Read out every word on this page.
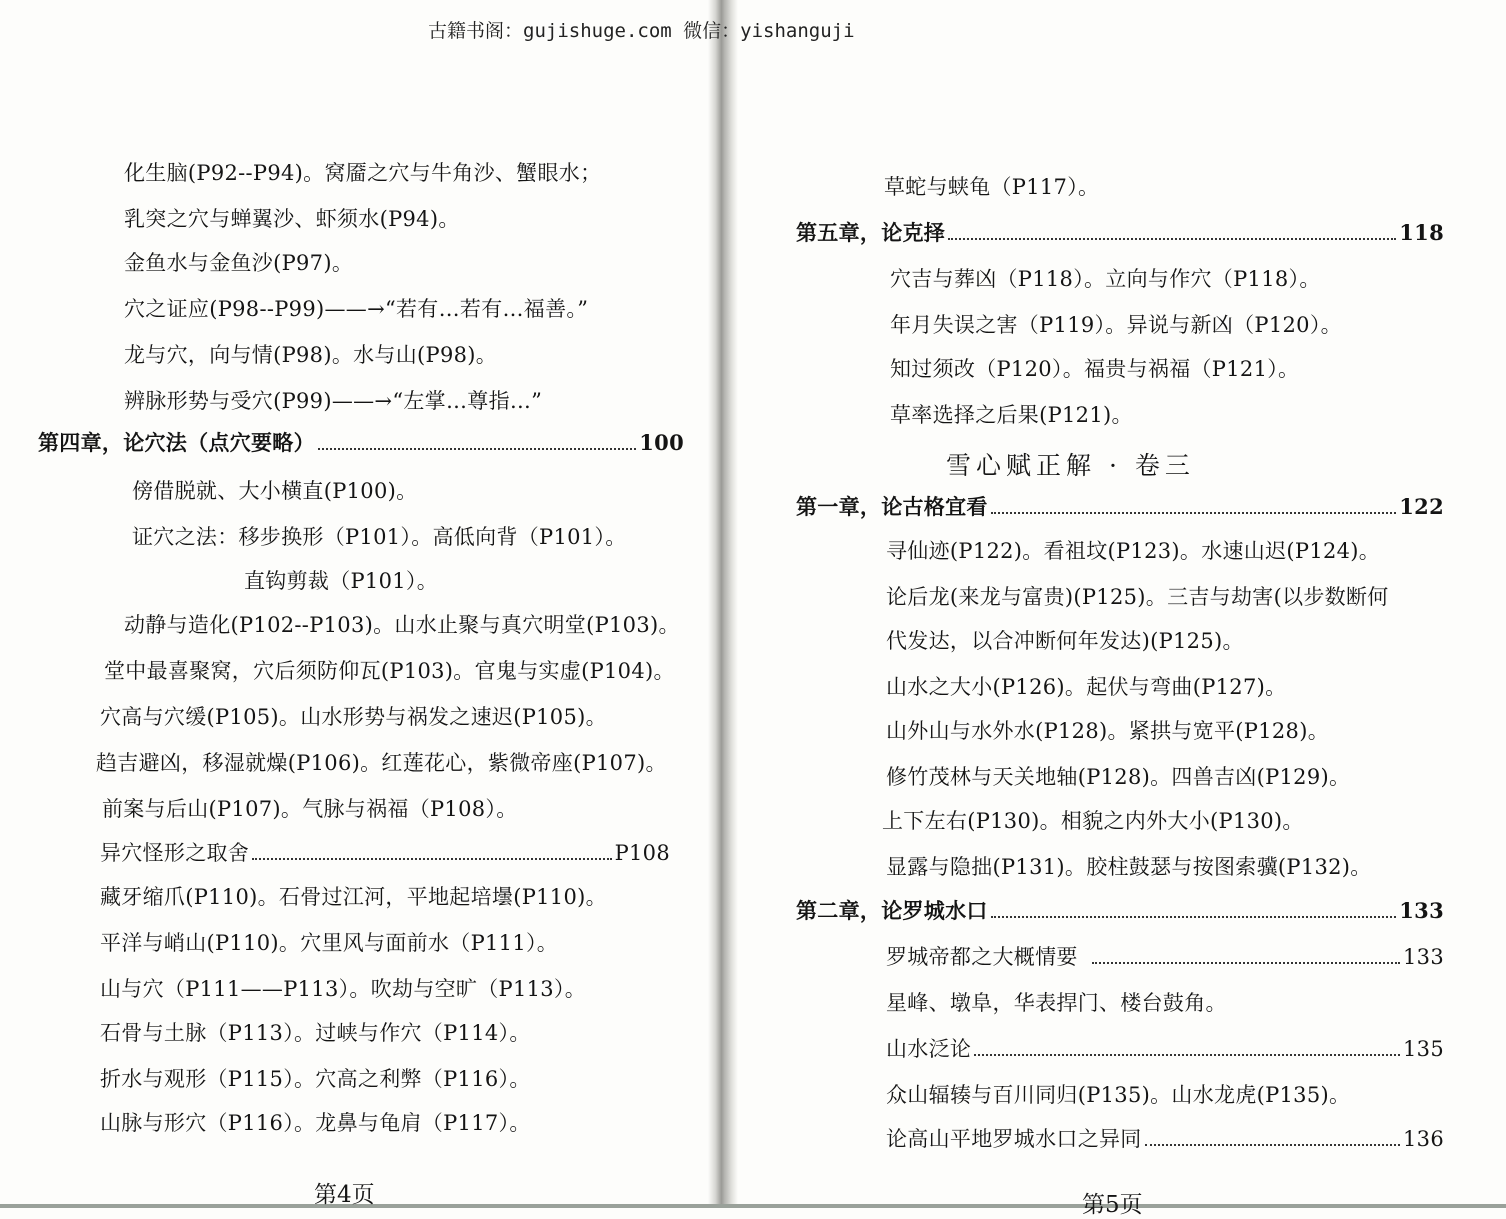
古籍书阁：gujishuge.com 微信：yishanguji
化生脑(P92--P94)。窝靥之穴与牛角沙、蟹眼水；
乳突之穴与蝉翼沙、虾须水(P94)。
金鱼水与金鱼沙(P97)。
穴之证应(P98--P99)——→“若有…若有…福善。”
龙与穴，向与情(P98)。水与山(P98)。
辨脉形势与受穴(P99)——→“左掌…尊指…”
第四章，论穴法（点穴要略）	100
傍借脱就、大小横直(P100)。
证穴之法：移步换形（P101）。高低向背（P101）。
直钩剪裁（P101）。
动静与造化(P102--P103)。山水止聚与真穴明堂(P103)。
堂中最喜聚窝，穴后须防仰瓦(P103)。官鬼与实虚(P104)。
穴高与穴缓(P105)。山水形势与祸发之速迟(P105)。
趋吉避凶，移湿就燥(P106)。红莲花心，紫微帝座(P107)。
前案与后山(P107)。气脉与祸福（P108）。
异穴怪形之取舍	P108
藏牙缩爪(P110)。石骨过江河，平地起培壜(P110)。
平洋与峭山(P110)。穴里风与面前水（P111）。
山与穴（P111——P113）。吹劫与空旷（P113）。
石骨与土脉（P113）。过峡与作穴（P114）。
折水与观形（P115）。穴高之利弊（P116）。
山脉与形穴（P116）。龙鼻与龟肩（P117）。
第4页
草蛇与蛱龟（P117）。
第五章，论克择	118
穴吉与葬凶（P118）。立向与作穴（P118）。
年月失误之害（P119）。异说与新凶（P120）。
知过须改（P120）。福贵与祸福（P121）。
草率选择之后果(P121)。
雪心赋正解 · 卷三
第一章，论古格宜看	122
寻仙迹(P122)。看祖坟(P123)。水速山迟(P124)。
论后龙(来龙与富贵)(P125)。三吉与劫害(以步数断何
代发达，以合冲断何年发达)(P125)。
山水之大小(P126)。起伏与弯曲(P127)。
山外山与水外水(P128)。紧拱与宽平(P128)。
修竹茂林与天关地轴(P128)。四兽吉凶(P129)。
上下左右(P130)。相貌之内外大小(P130)。
显露与隐拙(P131)。胶柱鼓瑟与按图索骥(P132)。
第二章，论罗城水口	133
罗城帝都之大概情要	133
星峰、墩阜，华表捍门、楼台鼓角。
山水泛论	135
众山辐辏与百川同归(P135)。山水龙虎(P135)。
论高山平地罗城水口之异同	136
第5页
